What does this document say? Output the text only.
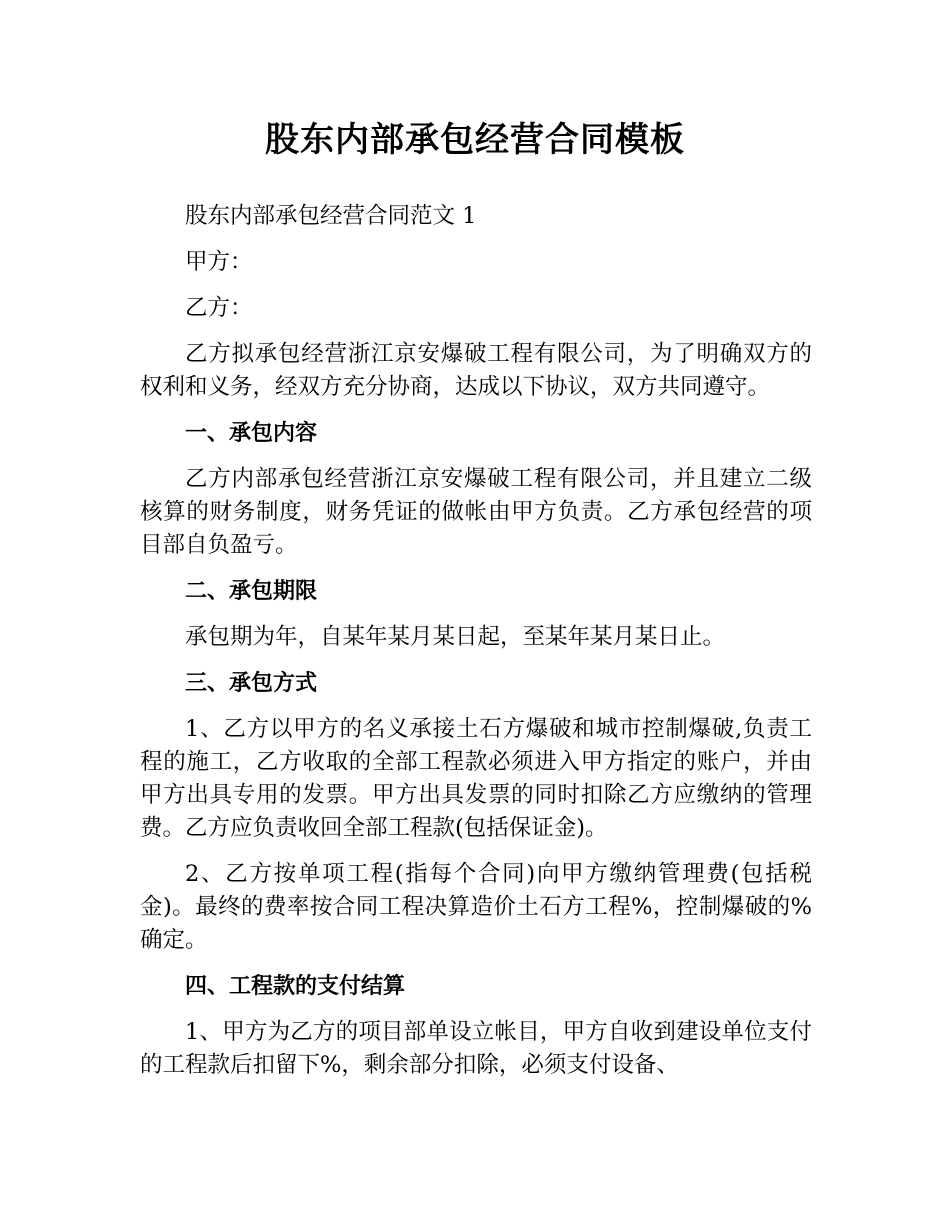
股东内部承包经营合同模板

股东内部承包经营合同范文 1

甲方：

乙方：

乙方拟承包经营浙江京安爆破工程有限公司，为了明确双方的权利和义务，经双方充分协商，达成以下协议，双方共同遵守。

一、承包内容

乙方内部承包经营浙江京安爆破工程有限公司，并且建立二级核算的财务制度，财务凭证的做帐由甲方负责。乙方承包经营的项目部自负盈亏。

二、承包期限

承包期为年，自某年某月某日起，至某年某月某日止。

三、承包方式

1、乙方以甲方的名义承接土石方爆破和城市控制爆破,负责工程的施工，乙方收取的全部工程款必须进入甲方指定的账户，并由甲方出具专用的发票。甲方出具发票的同时扣除乙方应缴纳的管理费。乙方应负责收回全部工程款(包括保证金)。

2、乙方按单项工程(指每个合同)向甲方缴纳管理费(包括税金)。最终的费率按合同工程决算造价土石方工程%，控制爆破的%确定。

四、工程款的支付结算

1、甲方为乙方的项目部单设立帐目，甲方自收到建设单位支付的工程款后扣留下%，剩余部分扣除，必须支付设备、
